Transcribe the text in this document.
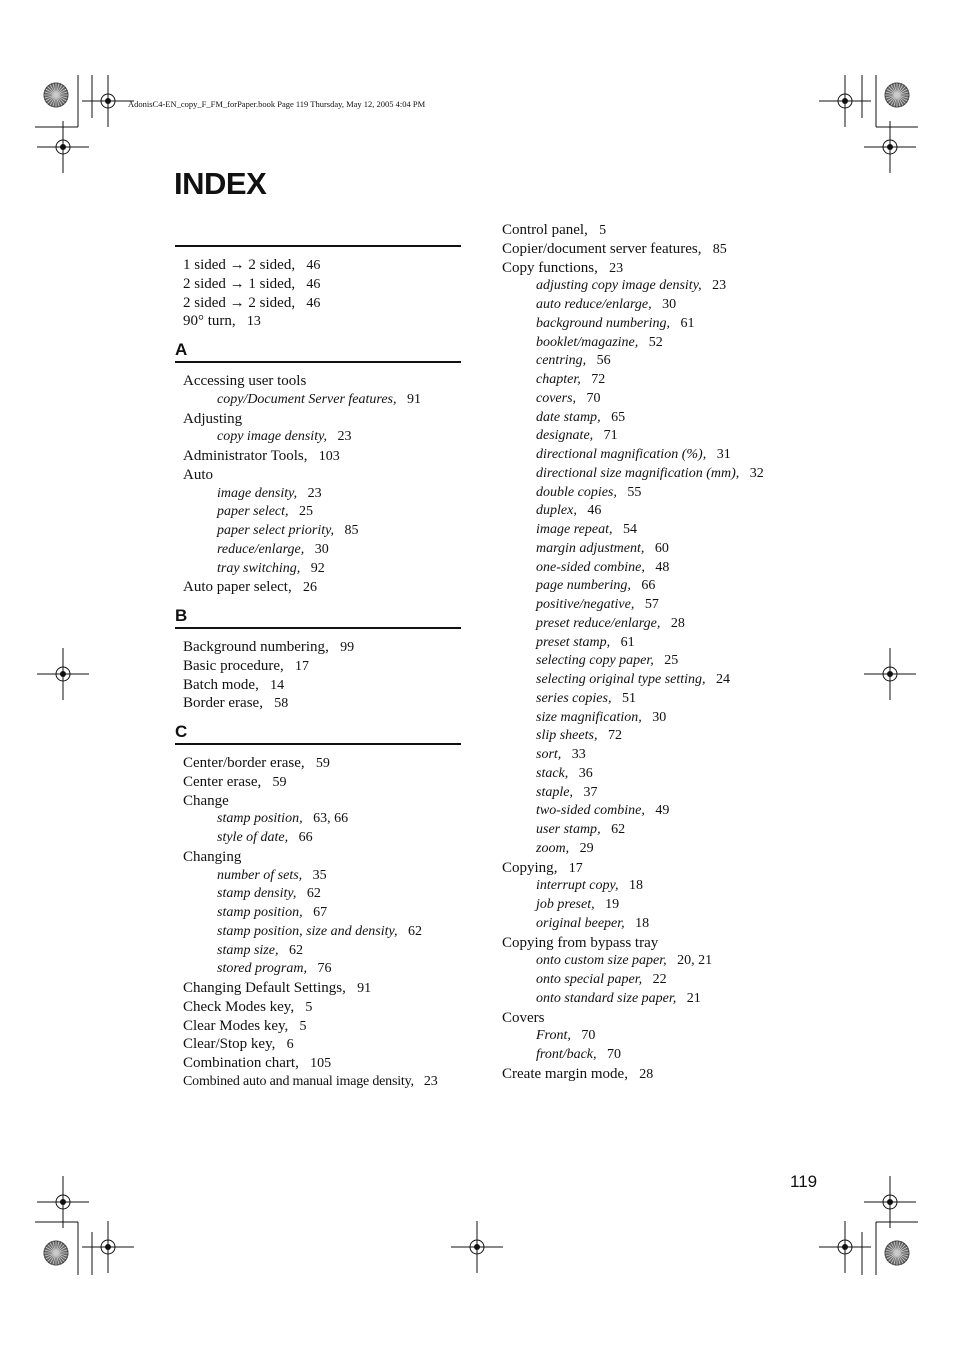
AdonisC4-EN_copy_F_FM_forPaper.book Page 119 Thursday, May 12, 2005 4:04 PM
INDEX
1 sided → 2 sided,  46
2 sided → 1 sided,  46
2 sided → 2 sided,  46
90° turn,  13
A
Accessing user tools
copy/Document Server features,  91
Adjusting
copy image density,  23
Administrator Tools,  103
Auto
image density,  23
paper select,  25
paper select priority,  85
reduce/enlarge,  30
tray switching,  92
Auto paper select,  26
B
Background numbering,  99
Basic procedure,  17
Batch mode,  14
Border erase,  58
C
Center/border erase,  59
Center erase,  59
Change
stamp position,  63, 66
style of date,  66
Changing
number of sets,  35
stamp density,  62
stamp position,  67
stamp position, size and density,  62
stamp size,  62
stored program,  76
Changing Default Settings,  91
Check Modes key,  5
Clear Modes key,  5
Clear/Stop key,  6
Combination chart,  105
Combined auto and manual image density,  23
Control panel,  5
Copier/document server features,  85
Copy functions,  23
adjusting copy image density,  23
auto reduce/enlarge,  30
background numbering,  61
booklet/magazine,  52
centring,  56
chapter,  72
covers,  70
date stamp,  65
designate,  71
directional magnification (%),  31
directional size magnification (mm),  32
double copies,  55
duplex,  46
image repeat,  54
margin adjustment,  60
one-sided combine,  48
page numbering,  66
positive/negative,  57
preset reduce/enlarge,  28
preset stamp,  61
selecting copy paper,  25
selecting original type setting,  24
series copies,  51
size magnification,  30
slip sheets,  72
sort,  33
stack,  36
staple,  37
two-sided combine,  49
user stamp,  62
zoom,  29
Copying,  17
interrupt copy,  18
job preset,  19
original beeper,  18
Copying from bypass tray
onto custom size paper,  20, 21
onto special paper,  22
onto standard size paper,  21
Covers
Front,  70
front/back,  70
Create margin mode,  28
119
